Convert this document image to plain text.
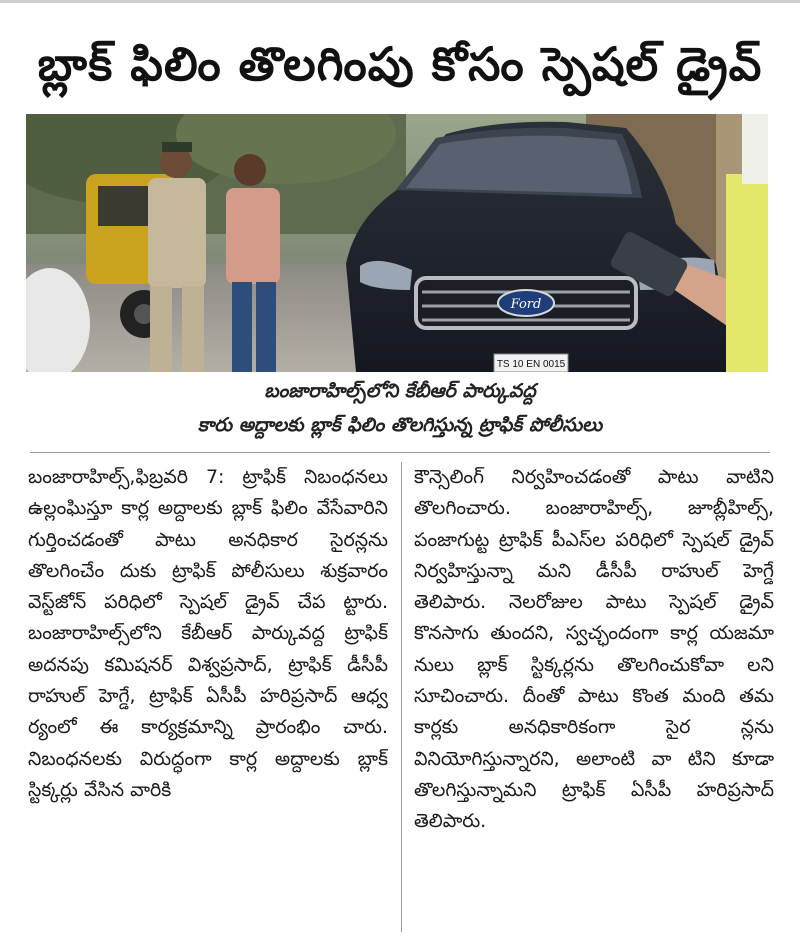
బ్లాక్ ఫిలిం తొలగింపు కోసం స్పెషల్ డ్రైవ్
Ford
TS 10 EN 0015
బంజారాహిల్స్‌లోని కేబీఆర్ పార్కువద్ద
కారు అద్దాలకు బ్లాక్ ఫిలిం తొలగిస్తున్న ట్రాఫిక్ పోలీసులు
బంజారాహిల్స్,ఫిబ్రవరి 7: ట్రాఫిక్ నిబంధనలు ఉల్లంఘిస్తూ కార్ల అద్దాలకు బ్లాక్ ఫిలిం వేసేవారిని గుర్తించడంతో పాటు అనధికార సైరన్లను తొలగించేం దుకు ట్రాఫిక్ పోలీసులు శుక్రవారం వెస్ట్‌జోన్ పరిధిలో స్పెషల్ డ్రైవ్ చేప ట్టారు. బంజారాహిల్స్‌లోని కేబీఆర్ పార్కువద్ద ట్రాఫిక్ అదనపు కమిషనర్ విశ్వప్రసాద్, ట్రాఫిక్ డీసీపీ రాహుల్ హెగ్డే, ట్రాఫిక్ ఏసీపీ హరిప్రసాద్ ఆధ్వ ర్యంలో ఈ కార్యక్రమాన్ని ప్రారంభిం చారు. నిబంధనలకు విరుద్ధంగా కార్ల అద్దాలకు బ్లాక్ స్టిక్కర్లు వేసిన వారికి
కౌన్సెలింగ్ నిర్వహించడంతో పాటు వాటిని తొలగించారు. బంజారాహిల్స్, జూబ్లీహిల్స్, పంజాగుట్ట ట్రాఫిక్ పీఎస్‌ల పరిధిలో స్పెషల్ డ్రైవ్ నిర్వహిస్తున్నా మని డీసీపీ రాహుల్ హెగ్డే తెలిపారు. నెలరోజుల పాటు స్పెషల్ డ్రైవ్ కొనసాగు తుందని, స్వచ్ఛందంగా కార్ల యజమా నులు బ్లాక్ స్టిక్కర్లను తొలగించుకోవా లని సూచించారు. దీంతో పాటు కొంత మంది తమ కార్లకు అనధికారికంగా సైర న్లను వినియోగిస్తున్నారని, అలాంటి వా టిని కూడా తొలగిస్తున్నామని ట్రాఫిక్ ఏసీపీ హరిప్రసాద్ తెలిపారు.
